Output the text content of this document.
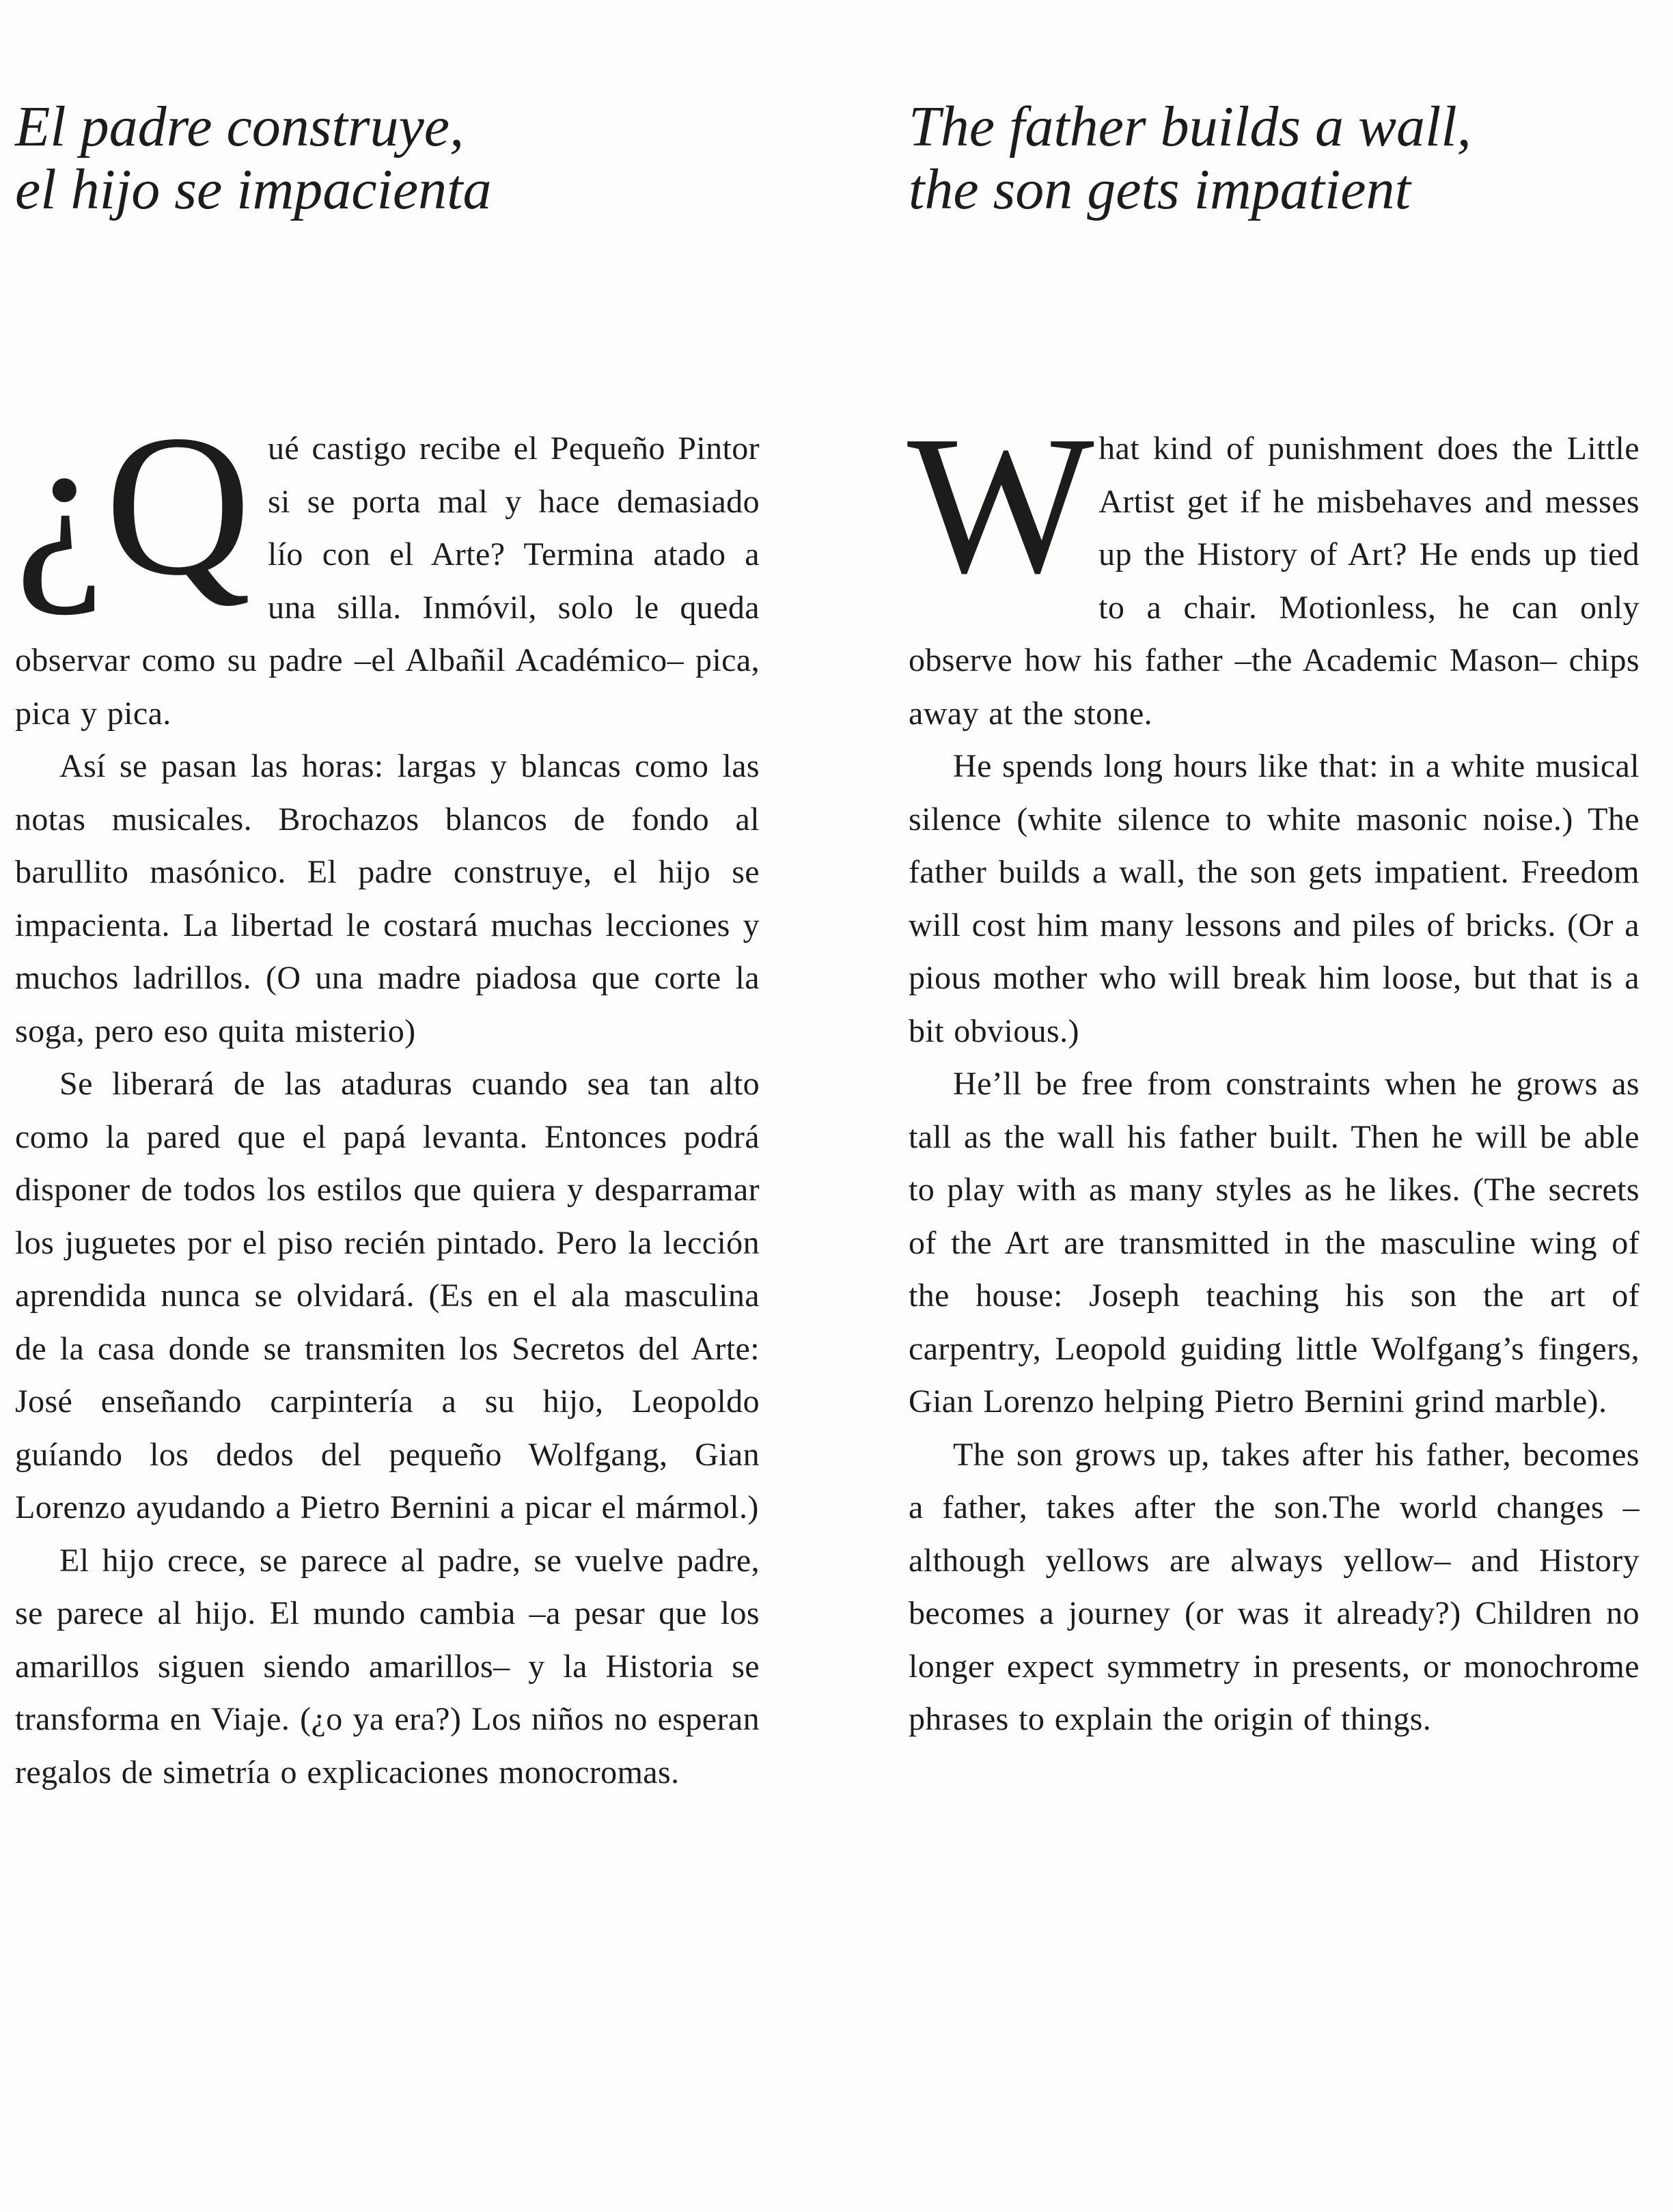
El padre construye,
el hijo se impacienta

¿Q ué castigo recibe el Pequeño Pintor si se porta mal y hace demasiado lío con el Arte? Termina atado a una silla. Inmóvil, solo le queda observar como su padre –el Albañil Académico– pica, pica y pica.

Así se pasan las horas: largas y blancas como las notas musicales. Brochazos blancos de fondo al barullito masónico. El padre construye, el hijo se impacienta. La libertad le costará muchas lecciones y muchos ladrillos. (O una madre piadosa que corte la soga, pero eso quita misterio)

Se liberará de las ataduras cuando sea tan alto como la pared que el papá levanta. Entonces podrá disponer de todos los estilos que quiera y desparramar los juguetes por el piso recién pintado. Pero la lección aprendida nunca se olvidará. (Es en el ala masculina de la casa donde se transmiten los Secretos del Arte: José enseñando carpintería a su hijo, Leopoldo guíando los dedos del pequeño Wolfgang, Gian Lorenzo ayudando a Pietro Bernini a picar el mármol.)

El hijo crece, se parece al padre, se vuelve padre, se parece al hijo. El mundo cambia –a pesar que los amarillos siguen siendo amarillos– y la Historia se transforma en Viaje. (¿o ya era?) Los niños no esperan regalos de simetría o explicaciones monocromas.

The father builds a wall,
the son gets impatient

What kind of punishment does the Little Artist get if he misbehaves and messes up the History of Art? He ends up tied to a chair. Motionless, he can only observe how his father –the Academic Mason– chips away at the stone.

He spends long hours like that: in a white musical silence (white silence to white masonic noise.) The father builds a wall, the son gets impatient. Freedom will cost him many lessons and piles of bricks. (Or a pious mother who will break him loose, but that is a bit obvious.)

He’ll be free from constraints when he grows as tall as the wall his father built. Then he will be able to play with as many styles as he likes. (The secrets of the Art are transmitted in the masculine wing of the house: Joseph teaching his son the art of carpentry, Leopold guiding little Wolfgang’s fingers, Gian Lorenzo helping Pietro Bernini grind marble).

The son grows up, takes after his father, becomes a father, takes after the son.The world changes –although yellows are always yellow– and History becomes a journey (or was it already?) Children no longer expect symmetry in presents, or monochrome phrases to explain the origin of things.
